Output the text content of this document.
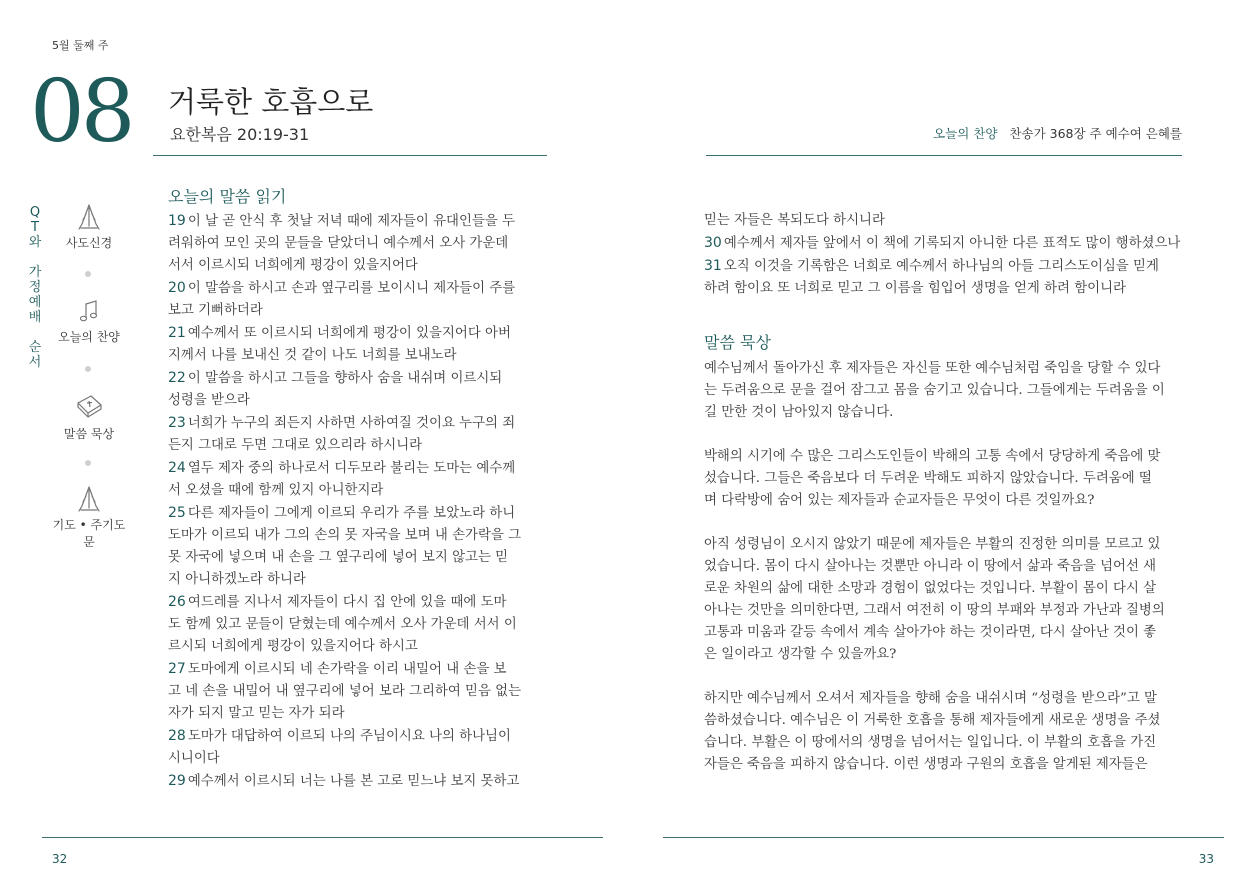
5월 둘째 주
08 거룩한 호흡으로
요한복음 20:19-31	오늘의 찬양 찬송가 368장 주 예수여 은혜를
Q
T
와
가
정
예
배
순
서
사도신경
오늘의 찬양
말씀 묵상
기도 • 주기도문
오늘의 말씀 읽기
19 이 날 곧 안식 후 첫날 저녁 때에 제자들이 유대인들을 두
려워하여 모인 곳의 문들을 닫았더니 예수께서 오사 가운데
서서 이르시되 너희에게 평강이 있을지어다
20 이 말씀을 하시고 손과 옆구리를 보이시니 제자들이 주를
보고 기뻐하더라
21 예수께서 또 이르시되 너희에게 평강이 있을지어다 아버
지께서 나를 보내신 것 같이 나도 너희를 보내노라
22 이 말씀을 하시고 그들을 향하사 숨을 내쉬며 이르시되
성령을 받으라
23 너희가 누구의 죄든지 사하면 사하여질 것이요 누구의 죄
든지 그대로 두면 그대로 있으리라 하시니라
24 열두 제자 중의 하나로서 디두모라 불리는 도마는 예수께
서 오셨을 때에 함께 있지 아니한지라
25 다른 제자들이 그에게 이르되 우리가 주를 보았노라 하니
도마가 이르되 내가 그의 손의 못 자국을 보며 내 손가락을 그
못 자국에 넣으며 내 손을 그 옆구리에 넣어 보지 않고는 믿
지 아니하겠노라 하니라
26 여드레를 지나서 제자들이 다시 집 안에 있을 때에 도마
도 함께 있고 문들이 닫혔는데 예수께서 오사 가운데 서서 이
르시되 너희에게 평강이 있을지어다 하시고
27 도마에게 이르시되 네 손가락을 이리 내밀어 내 손을 보
고 네 손을 내밀어 내 옆구리에 넣어 보라 그리하여 믿음 없는
자가 되지 말고 믿는 자가 되라
28 도마가 대답하여 이르되 나의 주님이시요 나의 하나님이
시니이다
29 예수께서 이르시되 너는 나를 본 고로 믿느냐 보지 못하고
믿는 자들은 복되도다 하시니라
30 예수께서 제자들 앞에서 이 책에 기록되지 아니한 다른 표적도 많이 행하셨으나
31 오직 이것을 기록함은 너희로 예수께서 하나님의 아들 그리스도이심을 믿게
하려 함이요 또 너희로 믿고 그 이름을 힘입어 생명을 얻게 하려 함이니라
말씀 묵상
예수님께서 돌아가신 후 제자들은 자신들 또한 예수님처럼 죽임을 당할 수 있다
는 두려움으로 문을 걸어 잠그고 몸을 숨기고 있습니다. 그들에게는 두려움을 이
길 만한 것이 남아있지 않습니다.
박해의 시기에 수 많은 그리스도인들이 박해의 고통 속에서 당당하게 죽음에 맞
섰습니다. 그들은 죽음보다 더 두려운 박해도 피하지 않았습니다. 두려움에 떨
며 다락방에 숨어 있는 제자들과 순교자들은 무엇이 다른 것일까요?
아직 성령님이 오시지 않았기 때문에 제자들은 부활의 진정한 의미를 모르고 있
었습니다. 몸이 다시 살아나는 것뿐만 아니라 이 땅에서 삶과 죽음을 넘어선 새
로운 차원의 삶에 대한 소망과 경험이 없었다는 것입니다. 부활이 몸이 다시 살
아나는 것만을 의미한다면, 그래서 여전히 이 땅의 부패와 부정과 가난과 질병의
고통과 미움과 갈등 속에서 계속 살아가야 하는 것이라면, 다시 살아난 것이 좋
은 일이라고 생각할 수 있을까요?
하지만 예수님께서 오셔서 제자들을 향해 숨을 내쉬시며 “성령을 받으라”고 말
씀하셨습니다. 예수님은 이 거룩한 호흡을 통해 제자들에게 새로운 생명을 주셨
습니다. 부활은 이 땅에서의 생명을 넘어서는 일입니다. 이 부활의 호흡을 가진
자들은 죽음을 피하지 않습니다. 이런 생명과 구원의 호흡을 알게된 제자들은
32	33
